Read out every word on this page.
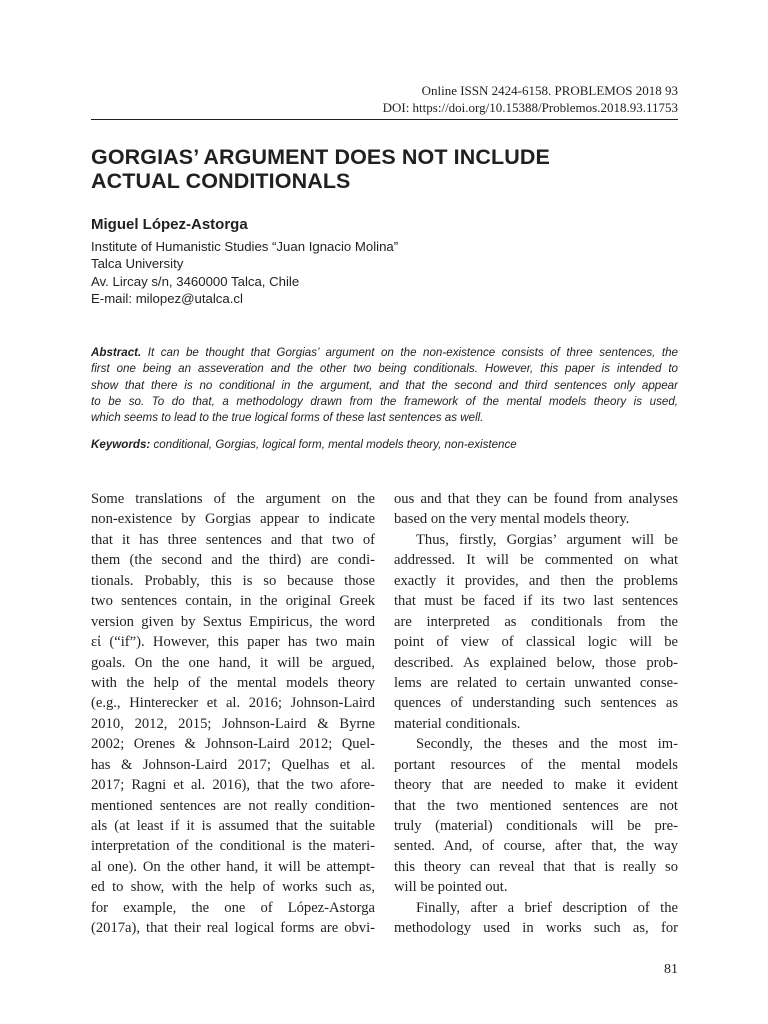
Online ISSN 2424-6158. PROBLEMOS 2018 93
DOI: https://doi.org/10.15388/Problemos.2018.93.11753
GORGIAS’ ARGUMENT DOES NOT INCLUDE
ACTUAL CONDITIONALS
Miguel López-Astorga
Institute of Humanistic Studies “Juan Ignacio Molina”
Talca University
Av. Lircay s/n, 3460000 Talca, Chile
E-mail: milopez@utalca.cl
Abstract. It can be thought that Gorgias’ argument on the non-existence consists of three sentences, the
first one being an asseveration and the other two being conditionals. However, this paper is intended to
show that there is no conditional in the argument, and that the second and third sentences only appear
to be so. To do that, a methodology drawn from the framework of the mental models theory is used,
which seems to lead to the true logical forms of these last sentences as well.
Keywords: conditional, Gorgias, logical form, mental models theory, non-existence
Some translations of the argument on the
non-existence by Gorgias appear to indicate
that it has three sentences and that two of
them (the second and the third) are condi-
tionals. Probably, this is so because those
two sentences contain, in the original Greek
version given by Sextus Empiricus, the word
εἰ (“if”). However, this paper has two main
goals. On the one hand, it will be argued,
with the help of the mental models theory
(e.g., Hinterecker et al. 2016; Johnson-Laird
2010, 2012, 2015; Johnson-Laird & Byrne
2002; Orenes & Johnson-Laird 2012; Quel-
has & Johnson-Laird 2017; Quelhas et al.
2017; Ragni et al. 2016), that the two afore-
mentioned sentences are not really condition-
als (at least if it is assumed that the suitable
interpretation of the conditional is the materi-
al one). On the other hand, it will be attempt-
ed to show, with the help of works such as,
for example, the one of López-Astorga
(2017a), that their real logical forms are obvi-
ous and that they can be found from analyses
based on the very mental models theory.
Thus, firstly, Gorgias’ argument will be
addressed. It will be commented on what
exactly it provides, and then the problems
that must be faced if its two last sentences
are interpreted as conditionals from the
point of view of classical logic will be
described. As explained below, those prob-
lems are related to certain unwanted conse-
quences of understanding such sentences as
material conditionals.
Secondly, the theses and the most im-
portant resources of the mental models
theory that are needed to make it evident
that the two mentioned sentences are not
truly (material) conditionals will be pre-
sented. And, of course, after that, the way
this theory can reveal that that is really so
will be pointed out.
Finally, after a brief description of the
methodology used in works such as, for
81
